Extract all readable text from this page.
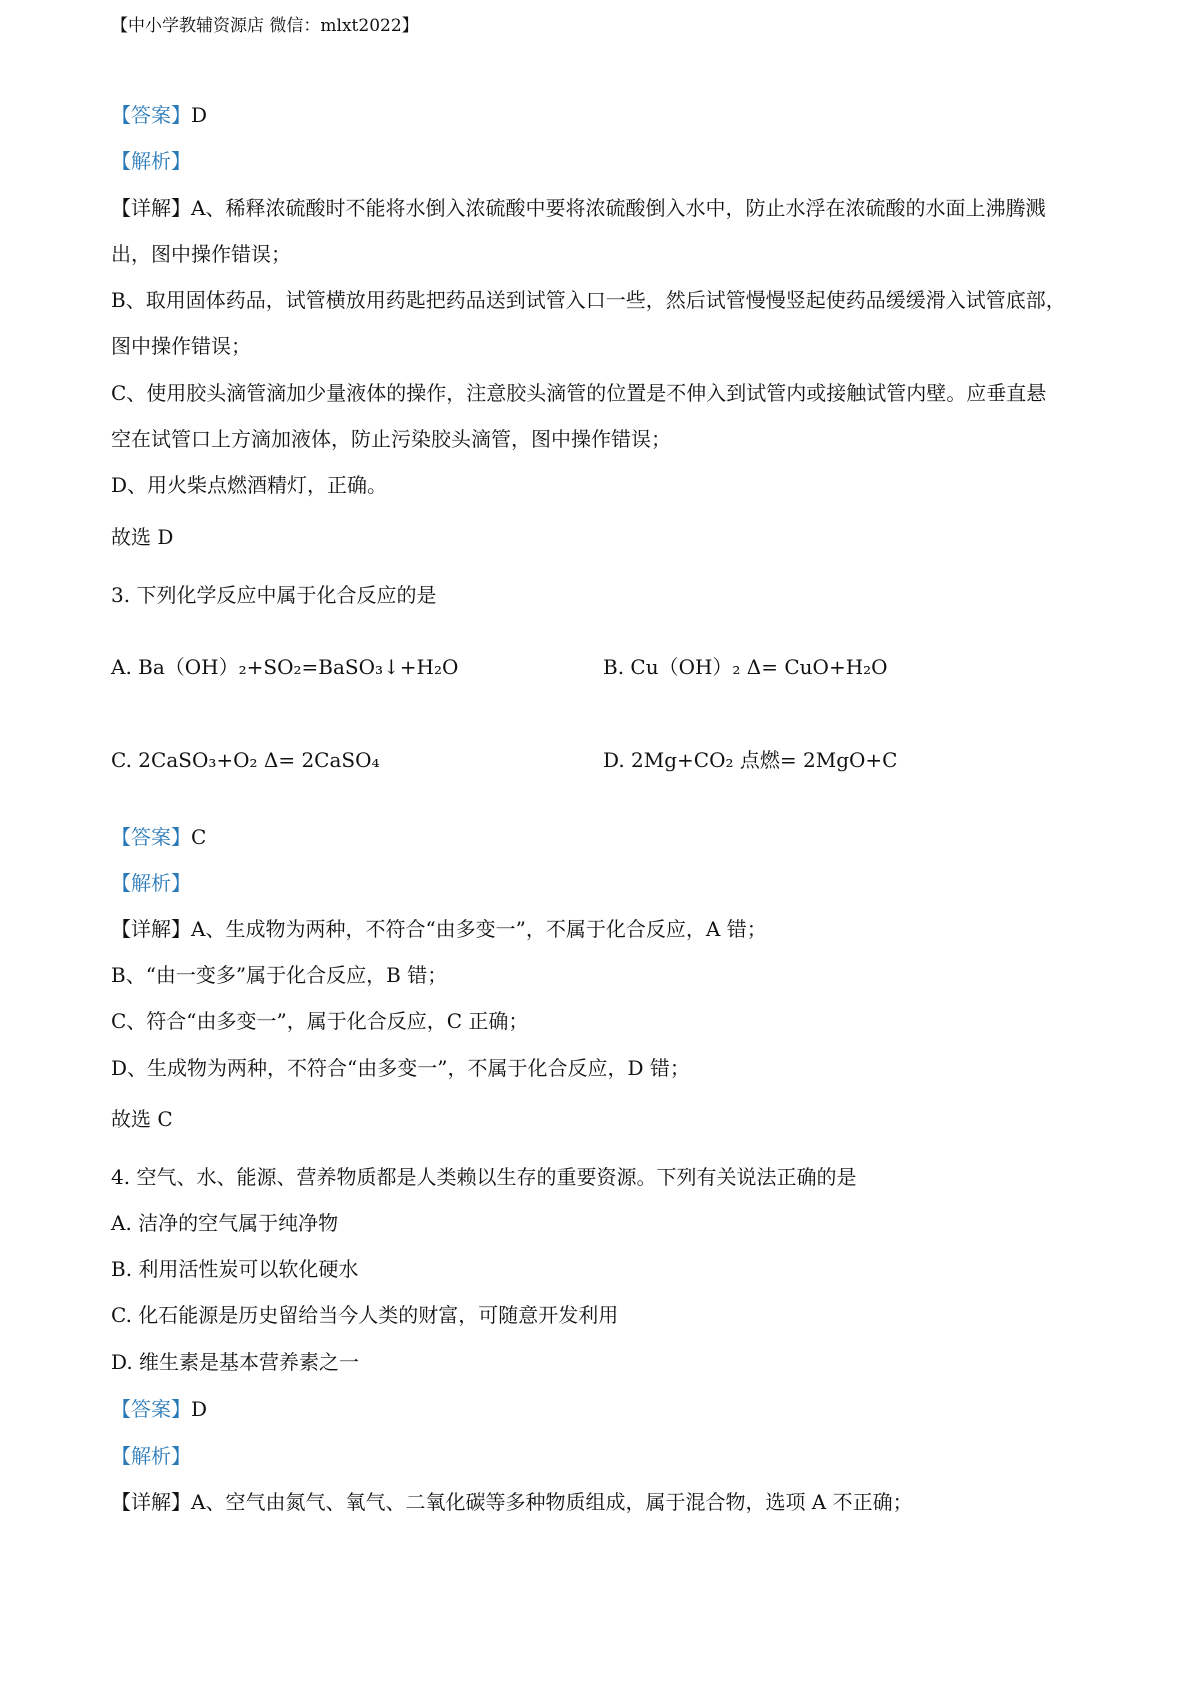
【中小学教辅资源店 微信：mlxt2022】
【答案】D
【解析】
【详解】A、稀释浓硫酸时不能将水倒入浓硫酸中要将浓硫酸倒入水中，防止水浮在浓硫酸的水面上沸腾溅
出，图中操作错误；
B、取用固体药品，试管横放用药匙把药品送到试管入口一些，然后试管慢慢竖起使药品缓缓滑入试管底部，
图中操作错误；
C、使用胶头滴管滴加少量液体的操作，注意胶头滴管的位置是不伸入到试管内或接触试管内壁。应垂直悬
空在试管口上方滴加液体，防止污染胶头滴管，图中操作错误；
D、用火柴点燃酒精灯，正确。
故选 D
3. 下列化学反应中属于化合反应的是
A. Ba（OH）₂+SO₂=BaSO₃↓+H₂O	B. Cu（OH）₂ Δ= CuO+H₂O
C. 2CaSO₃+O₂ Δ= 2CaSO₄	D. 2Mg+CO₂ 点燃= 2MgO+C
【答案】C
【解析】
【详解】A、生成物为两种，不符合“由多变一”，不属于化合反应，A 错；
B、“由一变多”属于化合反应，B 错；
C、符合“由多变一”，属于化合反应，C 正确；
D、生成物为两种，不符合“由多变一”，不属于化合反应，D 错；
故选 C
4. 空气、水、能源、营养物质都是人类赖以生存的重要资源。下列有关说法正确的是
A. 洁净的空气属于纯净物
B. 利用活性炭可以软化硬水
C. 化石能源是历史留给当今人类的财富，可随意开发利用
D. 维生素是基本营养素之一
【答案】D
【解析】
【详解】A、空气由氮气、氧气、二氧化碳等多种物质组成，属于混合物，选项 A 不正确；
